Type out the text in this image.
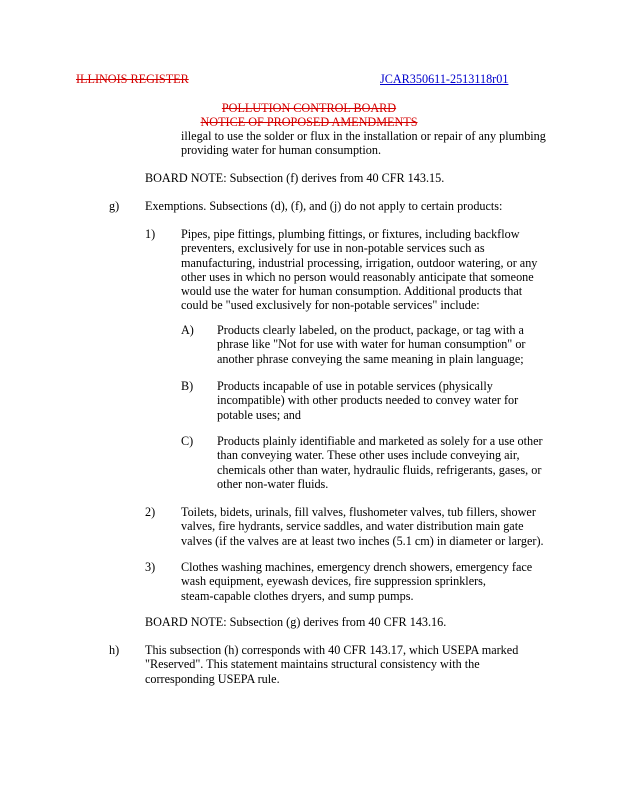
ILLINOIS REGISTER	JCAR350611-2513118r01
POLLUTION CONTROL BOARD
NOTICE OF PROPOSED AMENDMENTS

illegal to use the solder or flux in the installation or repair of any plumbing

providing water for human consumption.

BOARD NOTE: Subsection (f) derives from 40 CFR 143.15.
g) Exemptions. Subsections (d), (f), and (j) do not apply to certain products:
1) Pipes, pipe fittings, plumbing fittings, or fixtures, including backflow

preventers, exclusively for use in non-potable services such as

manufacturing, industrial processing, irrigation, outdoor watering, or any

other uses in which no person would reasonably anticipate that someone

would use the water for human consumption. Additional products that

could be "used exclusively for non-potable services" include:

A) Products clearly labeled, on the product, package, or tag with a

phrase like "Not for use with water for human consumption" or

another phrase conveying the same meaning in plain language;

B) Products incapable of use in potable services (physically

incompatible) with other products needed to convey water for

potable uses; and

C) Products plainly identifiable and marketed as solely for a use other

than conveying water. These other uses include conveying air,

chemicals other than water, hydraulic fluids, refrigerants, gases, or

other non-water fluids.

2) Toilets, bidets, urinals, fill valves, flushometer valves, tub fillers, shower

valves, fire hydrants, service saddles, and water distribution main gate

valves (if the valves are at least two inches (5.1 cm) in diameter or larger).

3) Clothes washing machines, emergency drench showers, emergency face

wash equipment, eyewash devices, fire suppression sprinklers,

steam-capable clothes dryers, and sump pumps.

BOARD NOTE: Subsection (g) derives from 40 CFR 143.16.
h) This subsection (h) corresponds with 40 CFR 143.17, which USEPA marked

"Reserved". This statement maintains structural consistency with the

corresponding USEPA rule.
